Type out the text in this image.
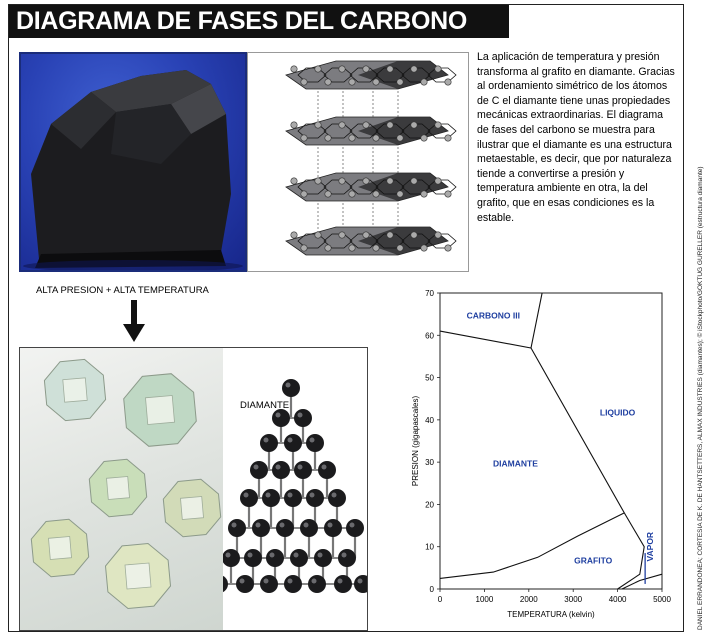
DIAGRAMA DE FASES DEL CARBONO

La aplicación de temperatura y presión transforma al grafito en diamante. Gracias al ordenamiento simétrico de los átomos de C el diamante tiene unas propiedades mecánicas extraordinarias. El diagrama de fases del carbono se muestra para ilustrar que el diamante es una estructura metaestable, es decir, que por naturaleza tiende a convertirse a presión y temperatura ambiente en otra, la del grafito, que en esas condiciones es la estable.

ALTA PRESION + ALTA TEMPERATURA
DIAMANTE
0
10
20
30
40
50
60
70
0	1000	2000	3000	4000	5000
TEMPERATURA (kelvin)
PRESION (gigapascales)
CARBONO III
LIQUIDO
DIAMANTE
GRAFITO	VAPOR	DANIEL ERRANDONEA; CORTESIA DE K. DE HANTSETTERS, ALMAX INDUSTRIES (diamantes); © iStockphoto/GOKTUG GURELLER (estructura diamante)
